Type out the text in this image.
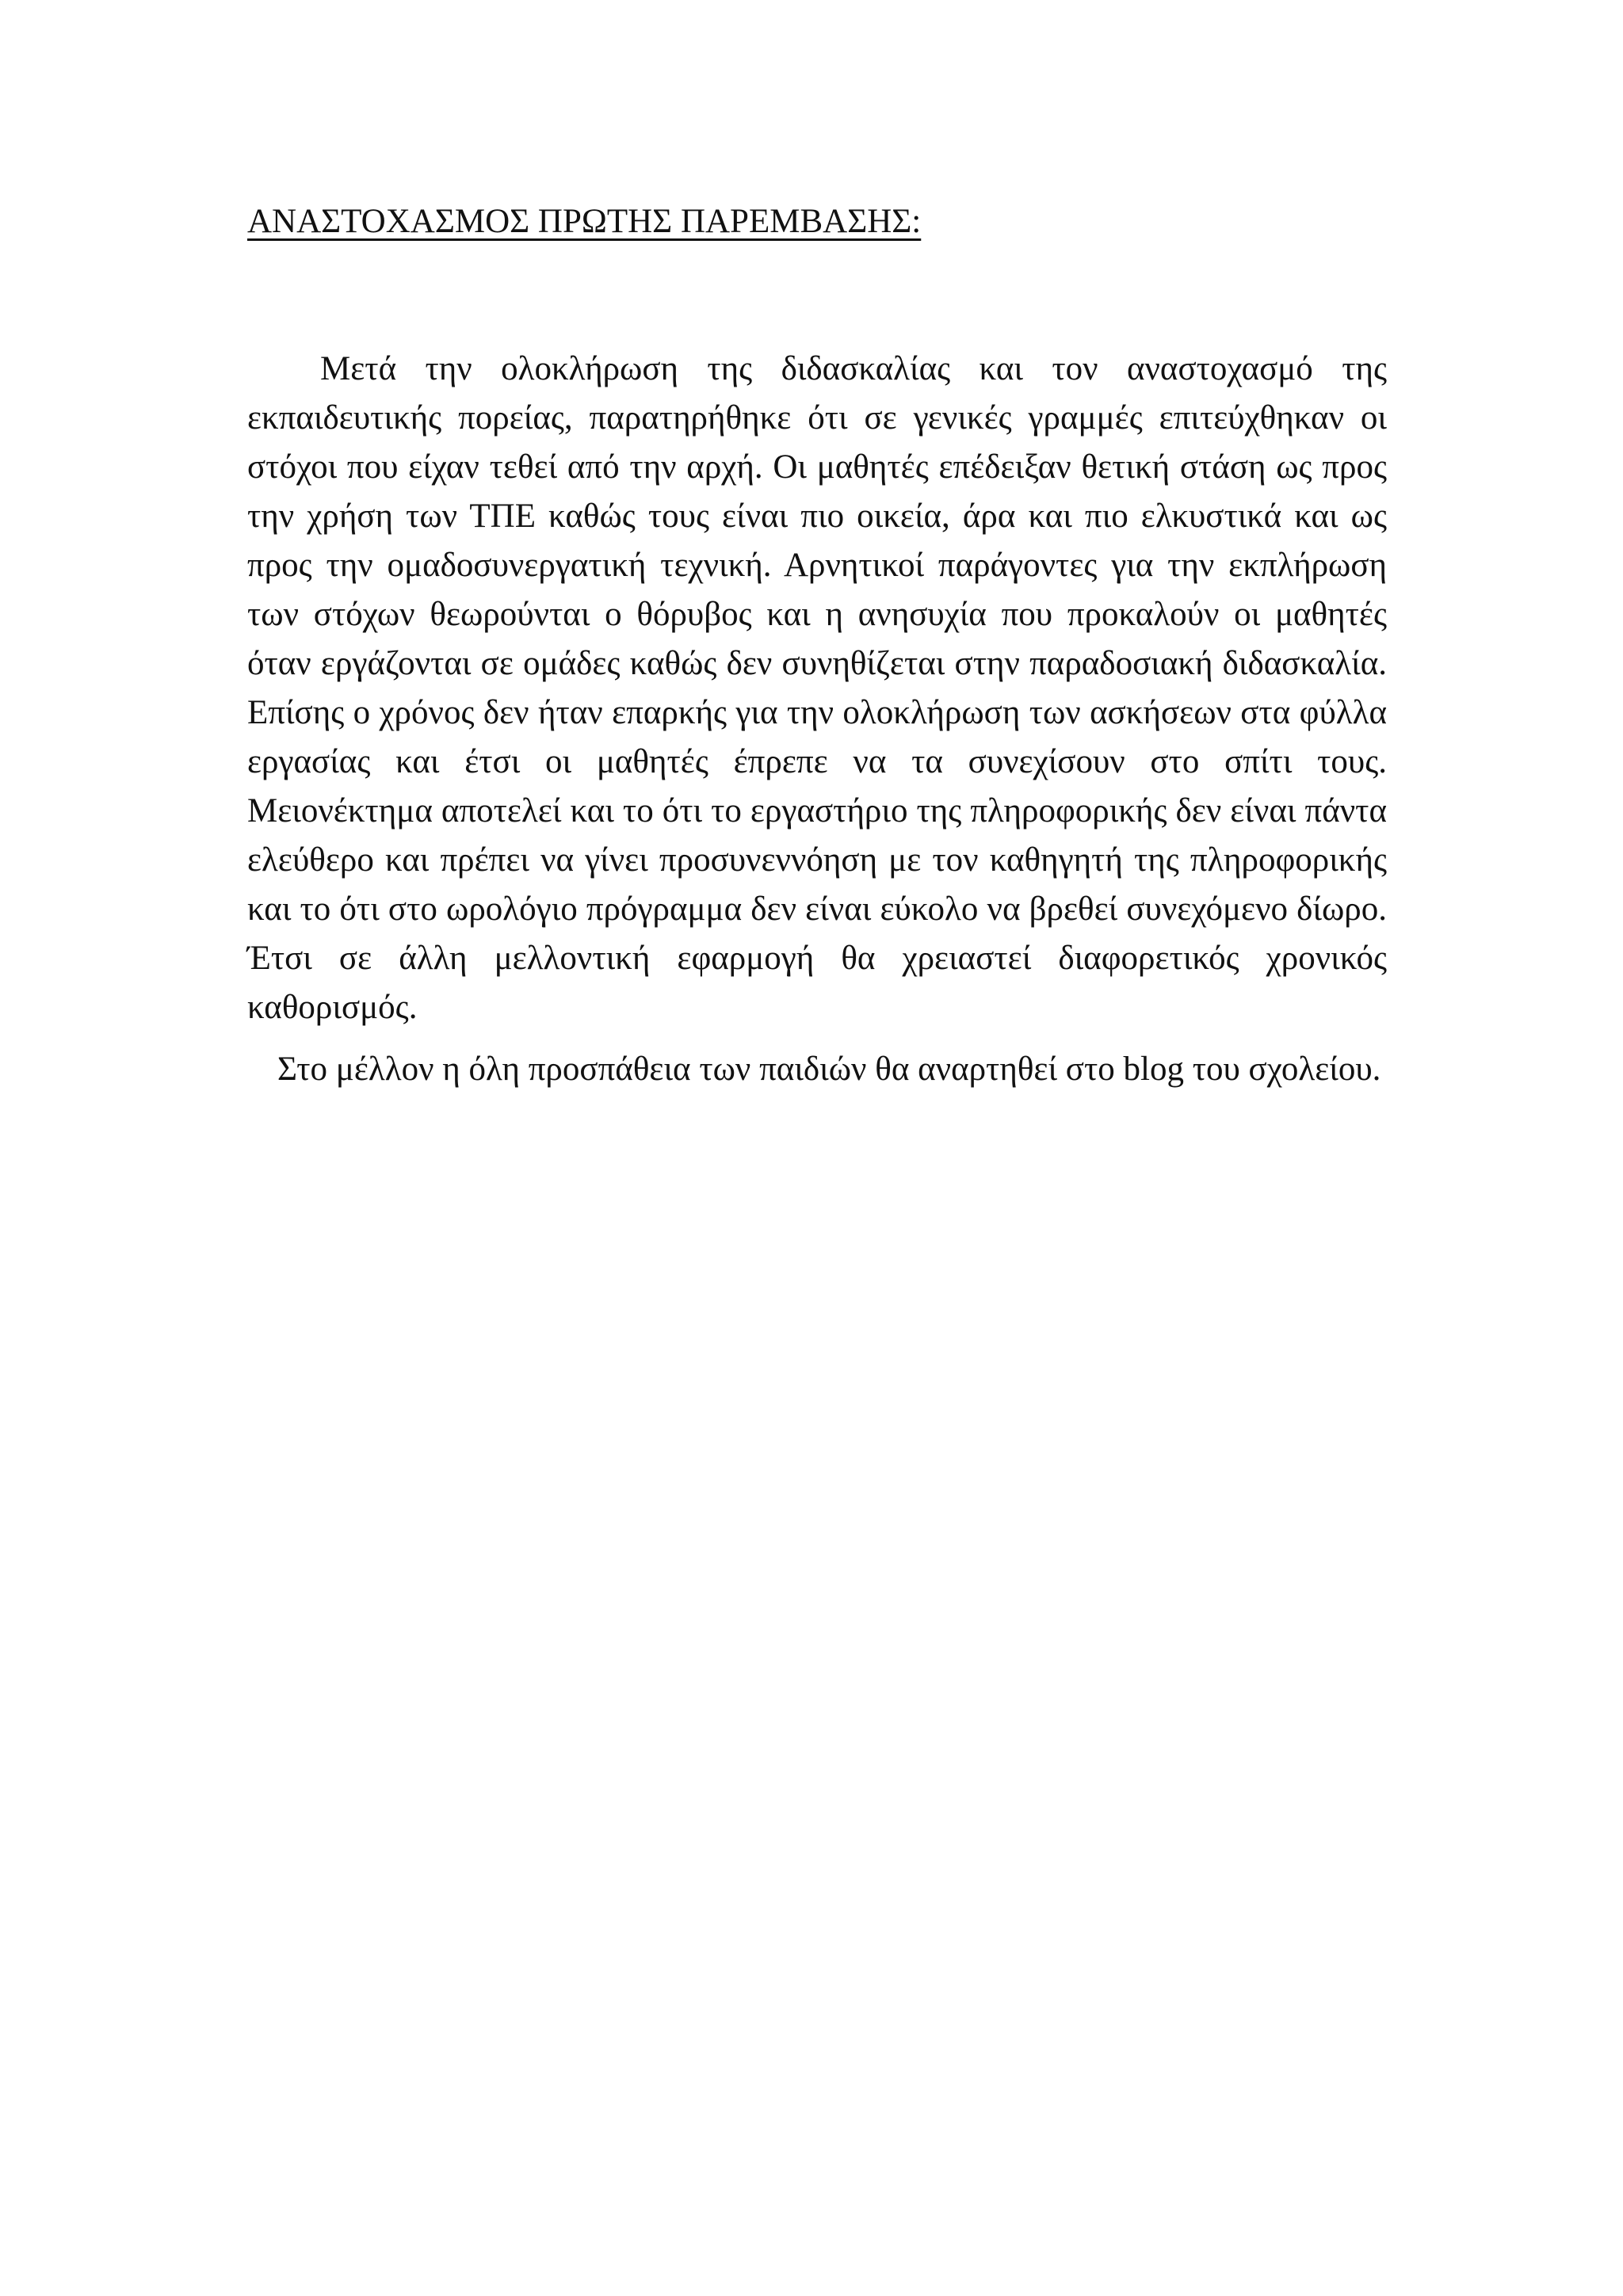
ΑΝΑΣΤΟΧΑΣΜΟΣ ΠΡΩΤΗΣ ΠΑΡΕΜΒΑΣΗΣ:

Μετά την ολοκλήρωση της διδασκαλίας και τον αναστοχασμό της εκπαιδευτικής πορείας, παρατηρήθηκε ότι σε γενικές γραμμές επιτεύχθηκαν οι στόχοι που είχαν τεθεί από την αρχή. Οι μαθητές επέδειξαν θετική στάση ως προς την χρήση των ΤΠΕ καθώς τους είναι πιο οικεία, άρα και πιο ελκυστικά και ως προς την ομαδοσυνεργατική τεχνική. Αρνητικοί παράγοντες για την εκπλήρωση των στόχων θεωρούνται ο θόρυβος και η ανησυχία που προκαλούν οι μαθητές όταν εργάζονται σε ομάδες καθώς δεν συνηθίζεται στην παραδοσιακή διδασκαλία. Επίσης ο χρόνος δεν ήταν επαρκής για την ολοκλήρωση των ασκήσεων στα φύλλα εργασίας και έτσι οι μαθητές έπρεπε να τα συνεχίσουν στο σπίτι τους. Μειονέκτημα αποτελεί και το ότι το εργαστήριο της πληροφορικής δεν είναι πάντα ελεύθερο και πρέπει να γίνει προσυνεννόηση με τον καθηγητή της πληροφορικής και το ότι στο ωρολόγιο πρόγραμμα δεν είναι εύκολο να βρεθεί συνεχόμενο δίωρο. Έτσι σε άλλη μελλοντική εφαρμογή θα χρειαστεί διαφορετικός χρονικός καθορισμός.

Στο μέλλον η όλη προσπάθεια των παιδιών θα αναρτηθεί στο blog του σχολείου.
